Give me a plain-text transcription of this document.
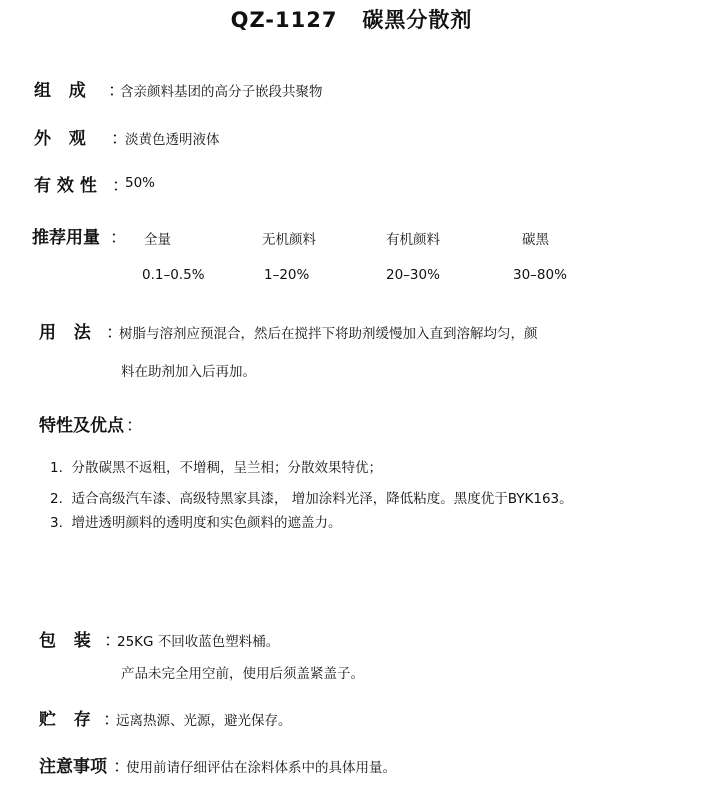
QZ-1127   碳黑分散剂
组   成 ：
含亲颜料基团的高分子嵌段共聚物
外   观 ：
淡黄色透明液体
有 效 性 ：
50%
推荐用量 ： 全量	无机颜料	有机颜料	碳黑
0.1–0.5%	1–20%	20–30%	30–80%
用   法 ：
树脂与溶剂应预混合，然后在搅拌下将助剂缓慢加入直到溶解均匀，颜
料在助剂加入后再加。
特性及优点 ：
1.  分散碳黑不返粗，不增稠，呈兰相；分散效果特优；
2.  适合高级汽车漆、高级特黑家具漆， 增加涂料光泽，降低粘度。黑度优于BYK163。
3.  增进透明颜料的透明度和实色颜料的遮盖力。
包   装 ：
25KG 不回收蓝色塑料桶。
产品未完全用空前，使用后须盖紧盖子。
贮   存 ：
远离热源、光源，避光保存。
注意事项 ：
使用前请仔细评估在涂料体系中的具体用量。
